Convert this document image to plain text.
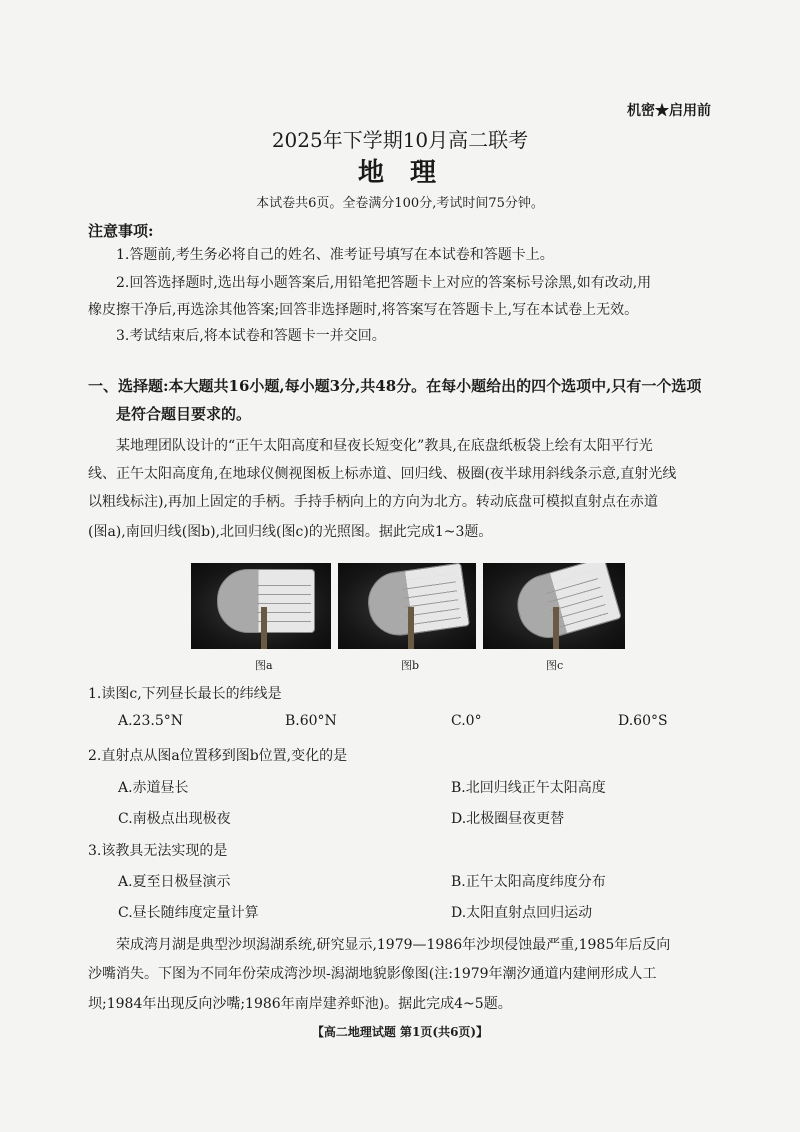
机密★启用前
2025年下学期10月高二联考
地 理
本试卷共6页。全卷满分100分,考试时间75分钟。
注意事项:
1.答题前,考生务必将自己的姓名、准考证号填写在本试卷和答题卡上。
2.回答选择题时,选出每小题答案后,用铅笔把答题卡上对应的答案标号涂黑,如有改动,用
橡皮擦干净后,再选涂其他答案;回答非选择题时,将答案写在答题卡上,写在本试卷上无效。
3.考试结束后,将本试卷和答题卡一并交回。
一、选择题:本大题共16小题,每小题3分,共48分。在每小题给出的四个选项中,只有一个选项
是符合题目要求的。
某地理团队设计的“正午太阳高度和昼夜长短变化”教具,在底盘纸板袋上绘有太阳平行光
线、正午太阳高度角,在地球仪侧视图板上标赤道、回归线、极圈(夜半球用斜线条示意,直射光线
以粗线标注),再加上固定的手柄。手持手柄向上的方向为北方。转动底盘可模拟直射点在赤道
(图a),南回归线(图b),北回归线(图c)的光照图。据此完成1~3题。
图a	图b	图c
1.读图c,下列昼长最长的纬线是
A.23.5°N	B.60°N	C.0°	D.60°S
2.直射点从图a位置移到图b位置,变化的是
A.赤道昼长	B.北回归线正午太阳高度
C.南极点出现极夜	D.北极圈昼夜更替
3.该教具无法实现的是
A.夏至日极昼演示	B.正午太阳高度纬度分布
C.昼长随纬度定量计算	D.太阳直射点回归运动
荣成湾月湖是典型沙坝潟湖系统,研究显示,1979—1986年沙坝侵蚀最严重,1985年后反向
沙嘴消失。下图为不同年份荣成湾沙坝-潟湖地貌影像图(注:1979年潮汐通道内建闸形成人工
坝;1984年出现反向沙嘴;1986年南岸建养虾池)。据此完成4~5题。
【高二地理试题 第1页(共6页)】
